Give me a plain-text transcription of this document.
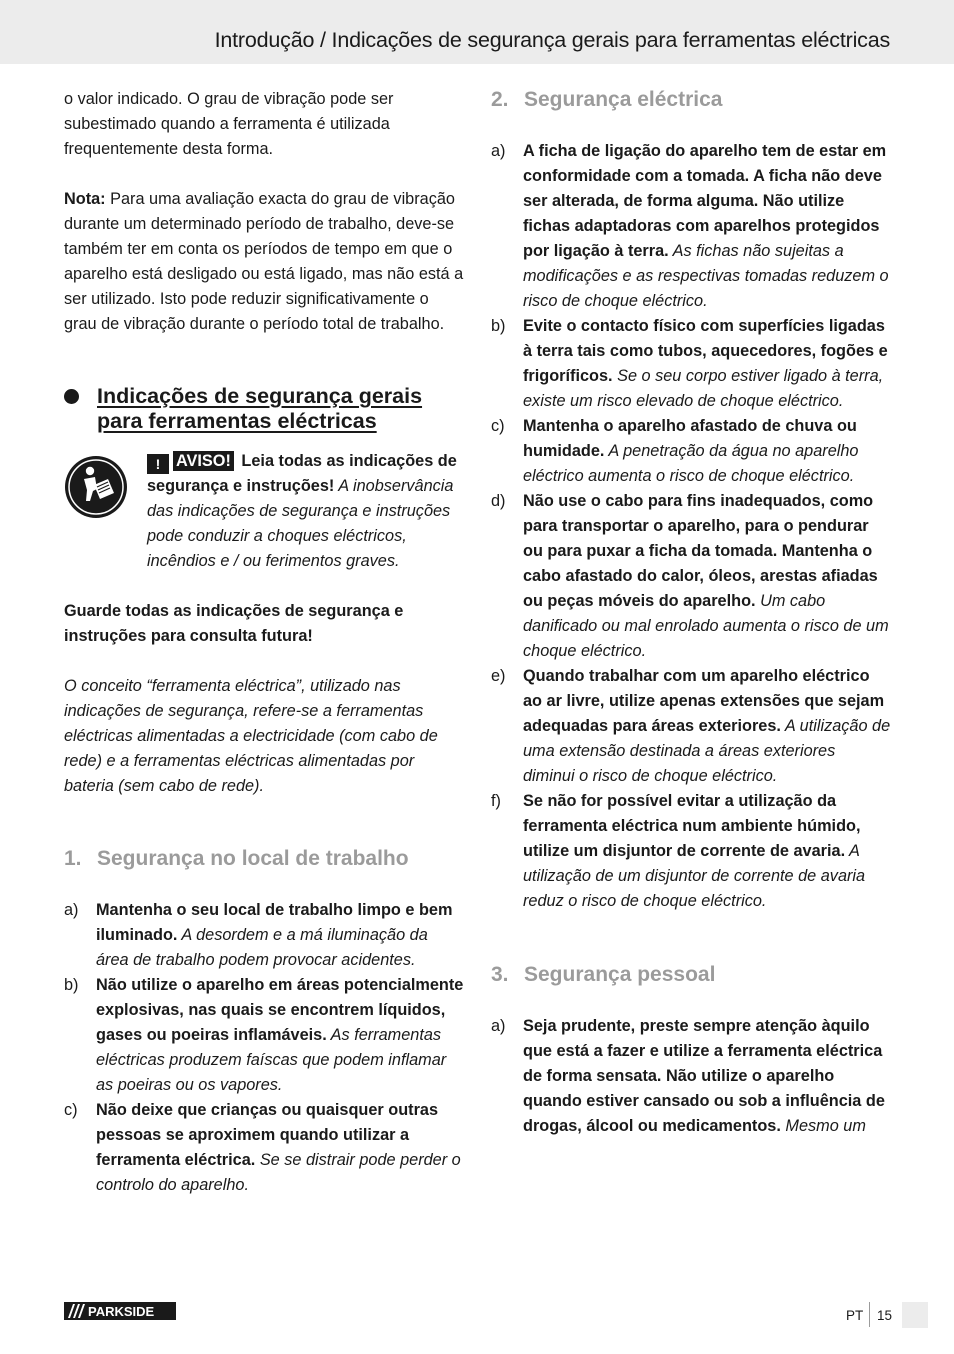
Introdução / Indicações de segurança gerais para ferramentas eléctricas

o valor indicado. O grau de vibração pode ser subestimado quando a ferramenta é utilizada frequentemente desta forma.

Nota: Para uma avaliação exacta do grau de vibração durante um determinado período de trabalho, deve-se também ter em conta os períodos de tempo em que o aparelho está desligado ou está ligado, mas não está a ser utilizado. Isto pode reduzir significativamente o grau de vibração durante o período total de trabalho.

Indicações de segurança gerais para ferramentas eléctricas
! AVISO! Leia todas as indicações de segurança e instruções! A inobservância das indicações de segurança e instruções pode conduzir a choques eléctricos, incêndios e / ou ferimentos graves.

Guarde todas as indicações de segurança e instruções para consulta futura!

O conceito “ferramenta eléctrica”, utilizado nas indicações de segurança, refere-se a ferramentas eléctricas alimentadas a electricidade (com cabo de rede) e a ferramentas eléctricas alimentadas por bateria (sem cabo de rede).

1. Segurança no local de trabalho
a) Mantenha o seu local de trabalho limpo e bem iluminado. A desordem e a má iluminação da área de trabalho podem provocar acidentes.
b) Não utilize o aparelho em áreas potencialmente explosivas, nas quais se encontrem líquidos, gases ou poeiras inflamáveis. As ferramentas eléctricas produzem faíscas que podem inflamar as poeiras ou os vapores.
c) Não deixe que crianças ou quaisquer outras pessoas se aproximem quando utilizar a ferramenta eléctrica. Se se distrair pode perder o controlo do aparelho.
2. Segurança eléctrica
a) A ficha de ligação do aparelho tem de estar em conformidade com a tomada. A ficha não deve ser alterada, de forma alguma. Não utilize fichas adaptadoras com aparelhos protegidos por ligação à terra. As fichas não sujeitas a modificações e as respectivas tomadas reduzem o risco de choque eléctrico.
b) Evite o contacto físico com superfícies ligadas à terra tais como tubos, aquecedores, fogões e frigoríficos. Se o seu corpo estiver ligado à terra, existe um risco elevado de choque eléctrico.
c) Mantenha o aparelho afastado de chuva ou humidade. A penetração da água no aparelho eléctrico aumenta o risco de choque eléctrico.
d) Não use o cabo para fins inadequados, como para transportar o aparelho, para o pendurar ou para puxar a ficha da tomada. Mantenha o cabo afastado do calor, óleos, arestas afiadas ou peças móveis do aparelho. Um cabo danificado ou mal enrolado aumenta o risco de um choque eléctrico.
e) Quando trabalhar com um aparelho eléctrico ao ar livre, utilize apenas extensões que sejam adequadas para áreas exteriores. A utilização de uma extensão destinada a áreas exteriores diminui o risco de choque eléctrico.
f) Se não for possível evitar a utilização da ferramenta eléctrica num ambiente húmido, utilize um disjuntor de corrente de avaria. A utilização de um disjuntor de corrente de avaria reduz o risco de choque eléctrico.
3. Segurança pessoal
a) Seja prudente, preste sempre atenção àquilo que está a fazer e utilize a ferramenta eléctrica de forma sensata. Não utilize o aparelho quando estiver cansado ou sob a influência de drogas, álcool ou medicamentos. Mesmo um
PARKSIDE	PT 15
